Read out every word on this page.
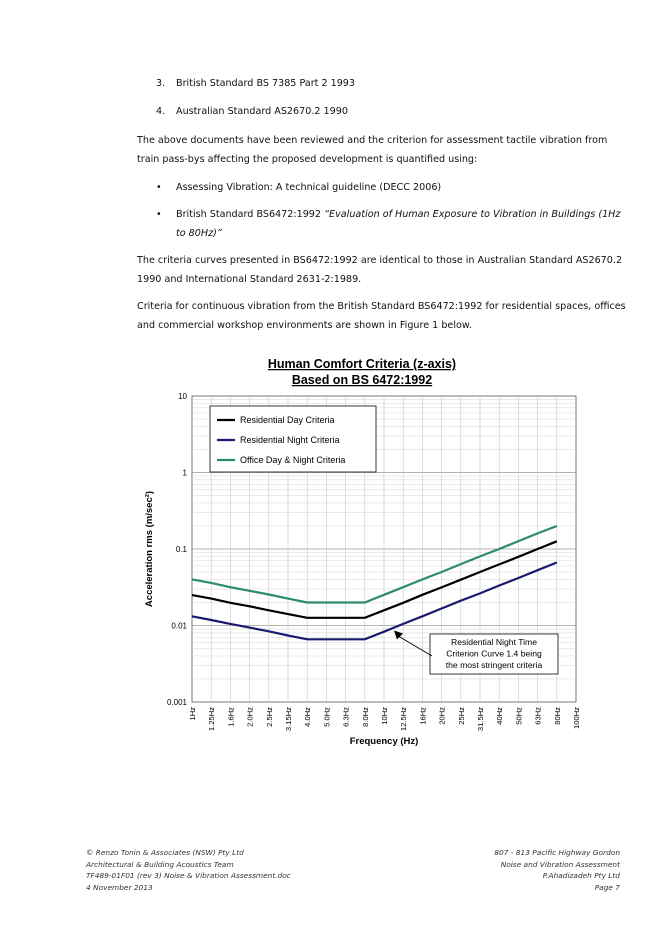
3. British Standard BS 7385 Part 2 1993
4. Australian Standard AS2670.2 1990
The above documents have been reviewed and the criterion for assessment tactile vibration from train pass-bys affecting the proposed development is quantified using:
• Assessing Vibration: A technical guideline (DECC 2006)
• British Standard BS6472:1992 “Evaluation of Human Exposure to Vibration in Buildings (1Hz to 80Hz)”
The criteria curves presented in BS6472:1992 are identical to those in Australian Standard AS2670.2 1990 and International Standard 2631-2:1989.
Criteria for continuous vibration from the British Standard BS6472:1992 for residential spaces, offices and commercial workshop environments are shown in Figure 1 below.
Human Comfort Criteria (z-axis)
Based on BS 6472:1992
10
1
0.1
0.01
0.001
1Hz 1.25Hz 1.6Hz 2.0Hz 2.5Hz 3.15Hz 4.0Hz 5.0Hz 6.3Hz 8.0Hz 10Hz 12.5Hz 16Hz 20Hz 25Hz 31.5Hz 40Hz 50Hz 63Hz 80Hz 100Hz
Frequency (Hz)
Acceleration rms (m/sec²)
Residential Day Criteria
Residential Night Criteria
Office Day & Night Criteria
Residential Night Time
Criterion Curve 1.4 being
the most stringent criteria
© Renzo Tonin & Associates (NSW) Pty Ltd
Architectural & Building Acoustics Team
TF489-01F01 (rev 3) Noise & Vibration Assessment.doc
4 November 2013
807 - 813 Pacific Highway Gordon
Noise and Vibration Assessment
P.Ahadizadeh Pty Ltd
Page 7
